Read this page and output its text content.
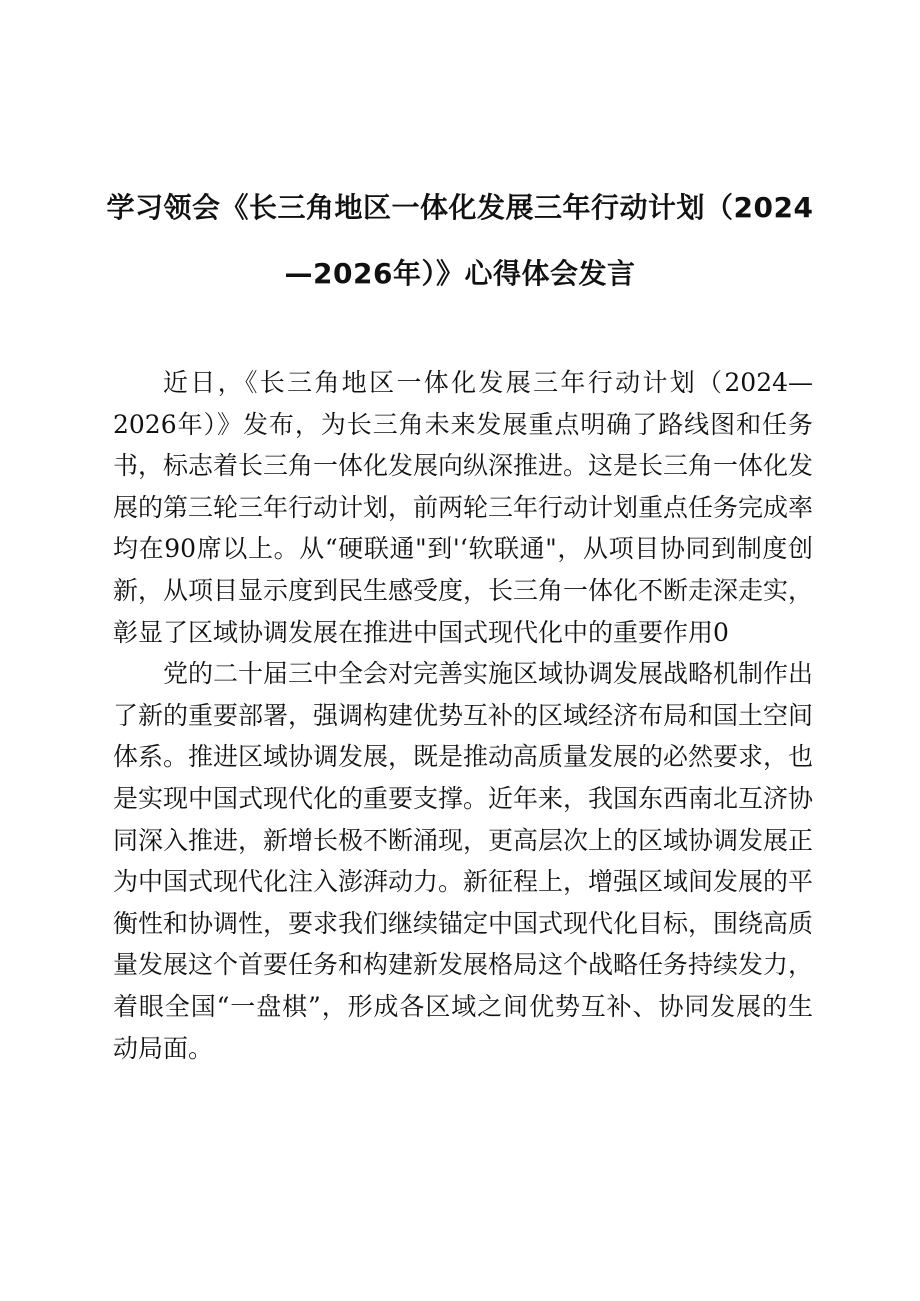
学习领会《长三角地区一体化发展三年行动计划（2024
—2026年）》心得体会发言

近日，《长三角地区一体化发展三年行动计划（2024—2026年）》发布，为长三角未来发展重点明确了路线图和任务书，标志着长三角一体化发展向纵深推进。这是长三角一体化发展的第三轮三年行动计划，前两轮三年行动计划重点任务完成率均在90席以上。从“硬联通"到'‘软联通"，从项目协同到制度创新，从项目显示度到民生感受度，长三角一体化不断走深走实，彰显了区域协调发展在推进中国式现代化中的重要作用0

党的二十届三中全会对完善实施区域协调发展战略机制作出了新的重要部署，强调构建优势互补的区域经济布局和国土空间体系。推进区域协调发展，既是推动高质量发展的必然要求，也是实现中国式现代化的重要支撑。近年来，我国东西南北互济协同深入推进，新增长极不断涌现，更高层次上的区域协调发展正为中国式现代化注入澎湃动力。新征程上，增强区域间发展的平衡性和协调性，要求我们继续锚定中国式现代化目标，围绕高质量发展这个首要任务和构建新发展格局这个战略任务持续发力，着眼全国“一盘棋”，形成各区域之间优势互补、协同发展的生动局面。
